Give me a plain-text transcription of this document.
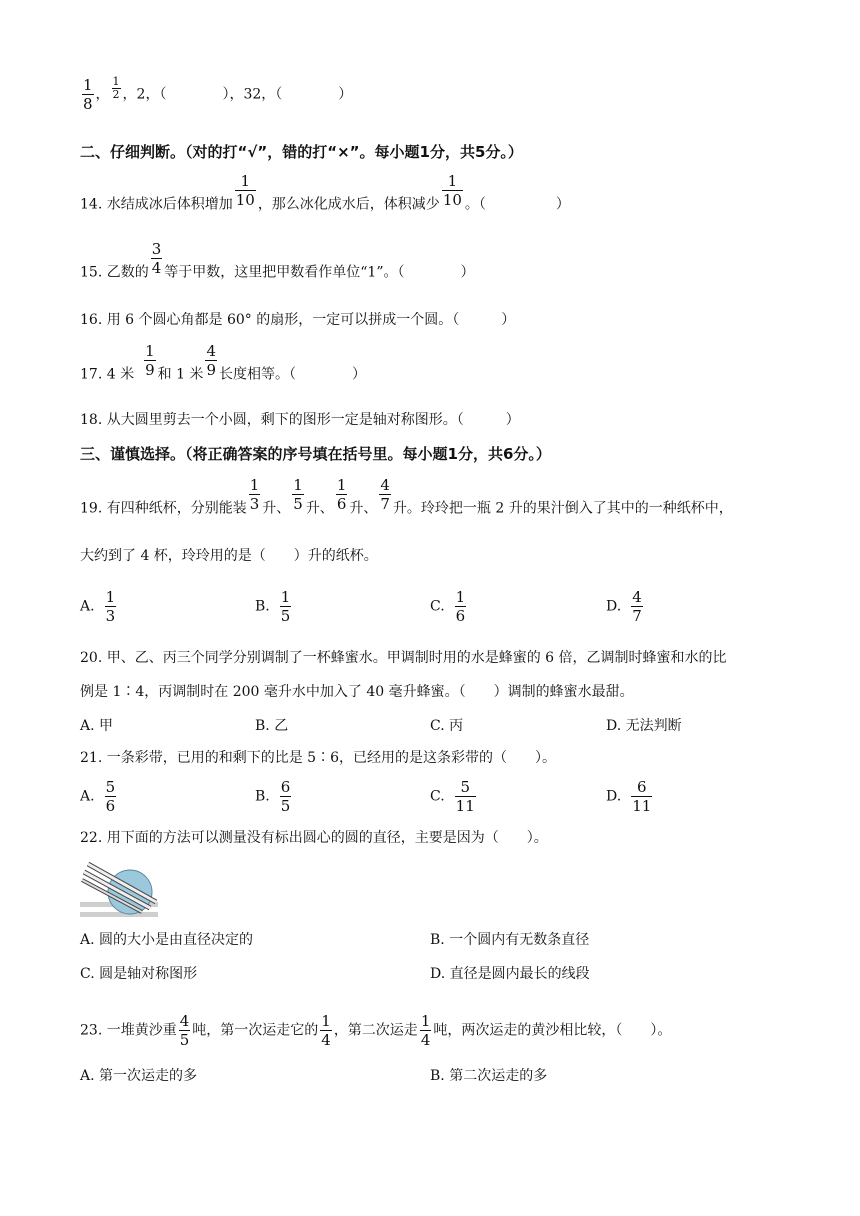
$\frac{1}{8}$ ， $\frac{1}{2}$ ，2，（　　　　），32，（　　　　）
二、仔细判断。（对的打“√”，错的打“×”。每小题1分，共5分。）
14. 水结成冰后体积增加 $\frac{1}{10}$ ，那么冰化成水后，体积减少 $\frac{1}{10}$ 。（　　　　　）
15. 乙数的 $\frac{3}{4}$ 等于甲数，这里把甲数看作单位“1”。（　　　　）
16. 用 6 个圆心角都是 60° 的扇形，一定可以拼成一个圆。（　　　）
17. 4 米 $\frac{1}{9}$ 和 1 米 $\frac{4}{9}$ 长度相等。（　　　　）
18. 从大圆里剪去一个小圆，剩下的图形一定是轴对称图形。（　　　）
三、谨慎选择。（将正确答案的序号填在括号里。每小题1分，共6分。）
19. 有四种纸杯，分别能装 $\frac{1}{3}$ 升、 $\frac{1}{5}$ 升、 $\frac{1}{6}$ 升、 $\frac{4}{7}$ 升。玲玲把一瓶 2 升的果汁倒入了其中的一种纸杯中，
大约到了 4 杯，玲玲用的是（　　）升的纸杯。
A. $\frac{1}{3}$	B. $\frac{1}{5}$	C. $\frac{1}{6}$	D. $\frac{4}{7}$
20. 甲、乙、丙三个同学分别调制了一杯蜂蜜水。甲调制时用的水是蜂蜜的 6 倍，乙调制时蜂蜜和水的比
例是 1∶4，丙调制时在 200 毫升水中加入了 40 毫升蜂蜜。（　　）调制的蜂蜜水最甜。
A. 甲	B. 乙	C. 丙	D. 无法判断
21. 一条彩带，已用的和剩下的比是 5∶6，已经用的是这条彩带的（　　）。
A. $\frac{5}{6}$	B. $\frac{6}{5}$	C. $\frac{5}{11}$	D. $\frac{6}{11}$
22. 用下面的方法可以测量没有标出圆心的圆的直径，主要是因为（　　）。
A. 圆的大小是由直径决定的	B. 一个圆内有无数条直径
C. 圆是轴对称图形	D. 直径是圆内最长的线段
23. 一堆黄沙重 $\frac{4}{5}$ 吨，第一次运走它的 $\frac{1}{4}$ ，第二次运走 $\frac{1}{4}$ 吨，两次运走的黄沙相比较，（　　）。
A. 第一次运走的多	B. 第二次运走的多
